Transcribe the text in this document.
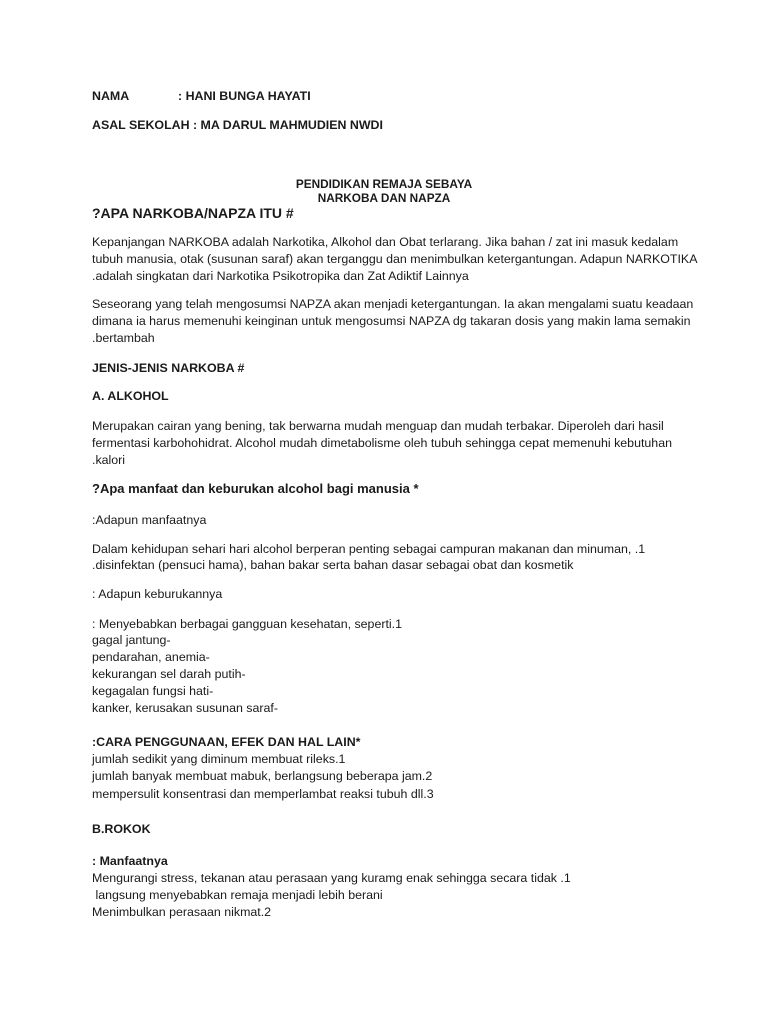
NAMA	: HANI BUNGA HAYATI
ASAL SEKOLAH : MA DARUL MAHMUDIEN NWDI
PENDIDIKAN REMAJA SEBAYA
NARKOBA DAN NAPZA
?APA NARKOBA/NAPZA ITU #
Kepanjangan NARKOBA adalah Narkotika, Alkohol dan Obat terlarang. Jika bahan / zat ini masuk kedalam
tubuh manusia, otak (susunan saraf) akan terganggu dan menimbulkan ketergantungan. Adapun NARKOTIKA
.adalah singkatan dari Narkotika Psikotropika dan Zat Adiktif Lainnya
Seseorang yang telah mengosumsi NAPZA akan menjadi ketergantungan. Ia akan mengalami suatu keadaan
dimana ia harus memenuhi keinginan untuk mengosumsi NAPZA dg takaran dosis yang makin lama semakin
.bertambah
JENIS-JENIS NARKOBA #
A. ALKOHOL
Merupakan cairan yang bening, tak berwarna mudah menguap dan mudah terbakar. Diperoleh dari hasil
fermentasi karbohohidrat. Alcohol mudah dimetabolisme oleh tubuh sehingga cepat memenuhi kebutuhan
.kalori
?Apa manfaat dan keburukan alcohol bagi manusia *
:Adapun manfaatnya
Dalam kehidupan sehari hari alcohol berperan penting sebagai campuran makanan dan minuman, .1
.disinfektan (pensuci hama), bahan bakar serta bahan dasar sebagai obat dan kosmetik
: Adapun keburukannya
: Menyebabkan berbagai gangguan kesehatan, seperti.1
gagal jantung-
pendarahan, anemia-
kekurangan sel darah putih-
kegagalan fungsi hati-
kanker, kerusakan susunan saraf-
:CARA PENGGUNAAN, EFEK DAN HAL LAIN*
jumlah sedikit yang diminum membuat rileks.1
jumlah banyak membuat mabuk, berlangsung beberapa jam.2
mempersulit konsentrasi dan memperlambat reaksi tubuh dll.3
B.ROKOK
: Manfaatnya
Mengurangi stress, tekanan atau perasaan yang kuramg enak sehingga secara tidak .1
langsung menyebabkan remaja menjadi lebih berani
Menimbulkan perasaan nikmat.2
